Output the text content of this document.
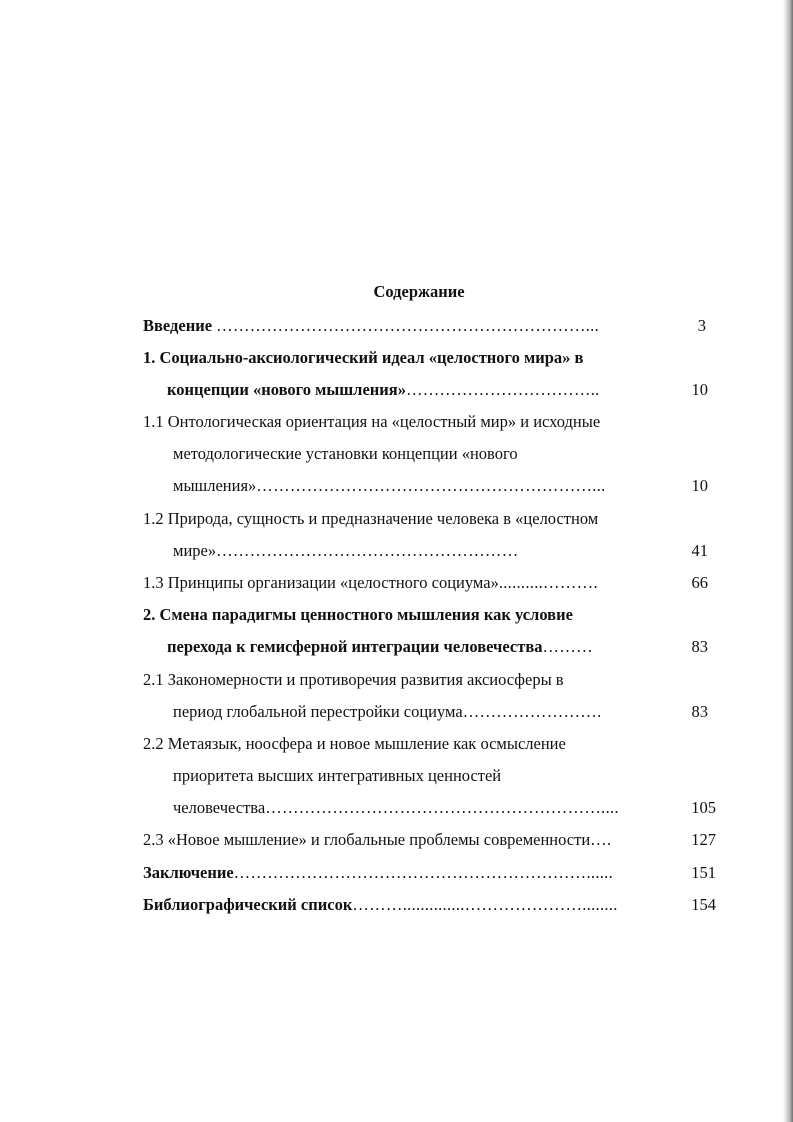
Содержание
Введение …………………………………………………………...	3
1. Социально-аксиологический идеал «целостного мира» в
концепции «нового мышления»……………………………..	10
1.1 Онтологическая ориентация на «целостный мир» и исходные
методологические установки концепции «нового
мышления»……………………………………………………...	10
1.2 Природа, сущность и предназначение человека в «целостном
мире»………………………………………………	41
1.3 Принципы организации «целостного социума»..........……….	66
2. Смена парадигмы ценностного мышления как условие
перехода к гемисферной интеграции человечества………	83
2.1 Закономерности и противоречия развития аксиосферы в
период глобальной перестройки социума…………………….	83
2.2 Метаязык, ноосфера и новое мышление как осмысление
приоритета высших интегративных ценностей
человечества……………………………………………………....	105
2.3 «Новое мышление» и глобальные проблемы современности….	127
Заключение………………………………………………………......	151
Библиографический список………..............…………………........	154
